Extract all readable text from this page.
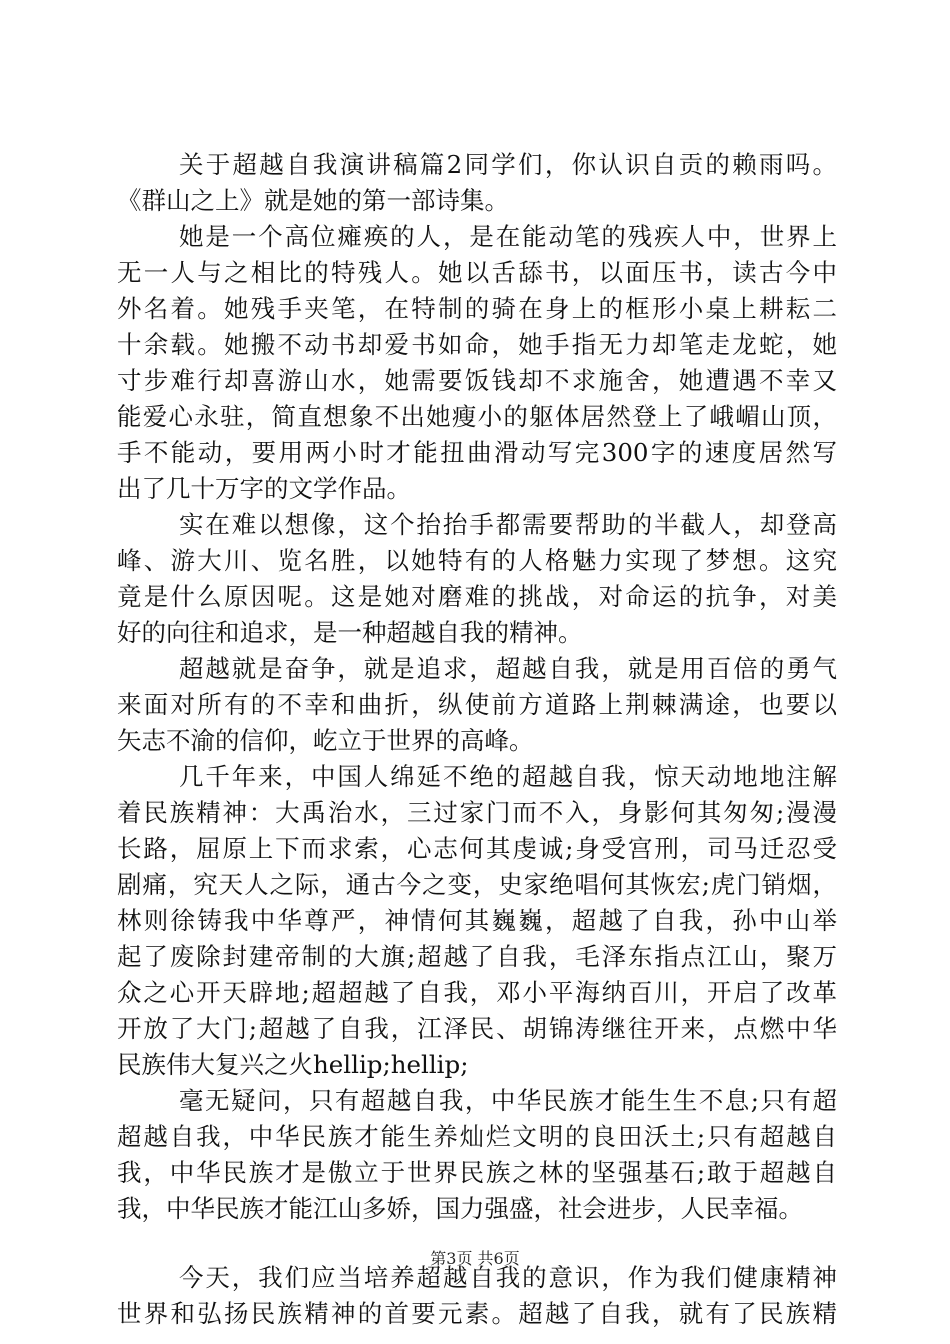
关于超越自我演讲稿篇2同学们，你认识自贡的赖雨吗。
《群山之上》就是她的第一部诗集。
她是一个高位瘫痪的人，是在能动笔的残疾人中，世界上
无一人与之相比的特残人。她以舌舔书，以面压书，读古今中
外名着。她残手夹笔，在特制的骑在身上的框形小桌上耕耘二
十余载。她搬不动书却爱书如命，她手指无力却笔走龙蛇，她
寸步难行却喜游山水，她需要饭钱却不求施舍，她遭遇不幸又
能爱心永驻，简直想象不出她瘦小的躯体居然登上了峨嵋山顶，
手不能动，要用两小时才能扭曲滑动写完300字的速度居然写
出了几十万字的文学作品。
实在难以想像，这个抬抬手都需要帮助的半截人，却登高
峰、游大川、览名胜，以她特有的人格魅力实现了梦想。这究
竟是什么原因呢。这是她对磨难的挑战，对命运的抗争，对美
好的向往和追求，是一种超越自我的精神。
超越就是奋争，就是追求，超越自我，就是用百倍的勇气
来面对所有的不幸和曲折，纵使前方道路上荆棘满途，也要以
矢志不渝的信仰，屹立于世界的高峰。
几千年来，中国人绵延不绝的超越自我，惊天动地地注解
着民族精神：大禹治水，三过家门而不入，身影何其匆匆;漫漫
长路，屈原上下而求索，心志何其虔诚;身受宫刑，司马迁忍受
剧痛，究天人之际，通古今之变，史家绝唱何其恢宏;虎门销烟，
林则徐铸我中华尊严，神情何其巍巍，超越了自我，孙中山举
起了废除封建帝制的大旗;超越了自我，毛泽东指点江山，聚万
众之心开天辟地;超超越了自我，邓小平海纳百川，开启了改革
开放了大门;超越了自我，江泽民、胡锦涛继往开来，点燃中华
民族伟大复兴之火hellip;hellip;
毫无疑问，只有超越自我，中华民族才能生生不息;只有超
超越自我，中华民族才能生养灿烂文明的良田沃土;只有超越自
我，中华民族才是傲立于世界民族之林的坚强基石;敢于超越自
我，中华民族才能江山多娇，国力强盛，社会进步，人民幸福。
今天，我们应当培养超越自我的意识，作为我们健康精神
世界和弘扬民族精神的首要元素。超越了自我，就有了民族精
第3页 共6页
